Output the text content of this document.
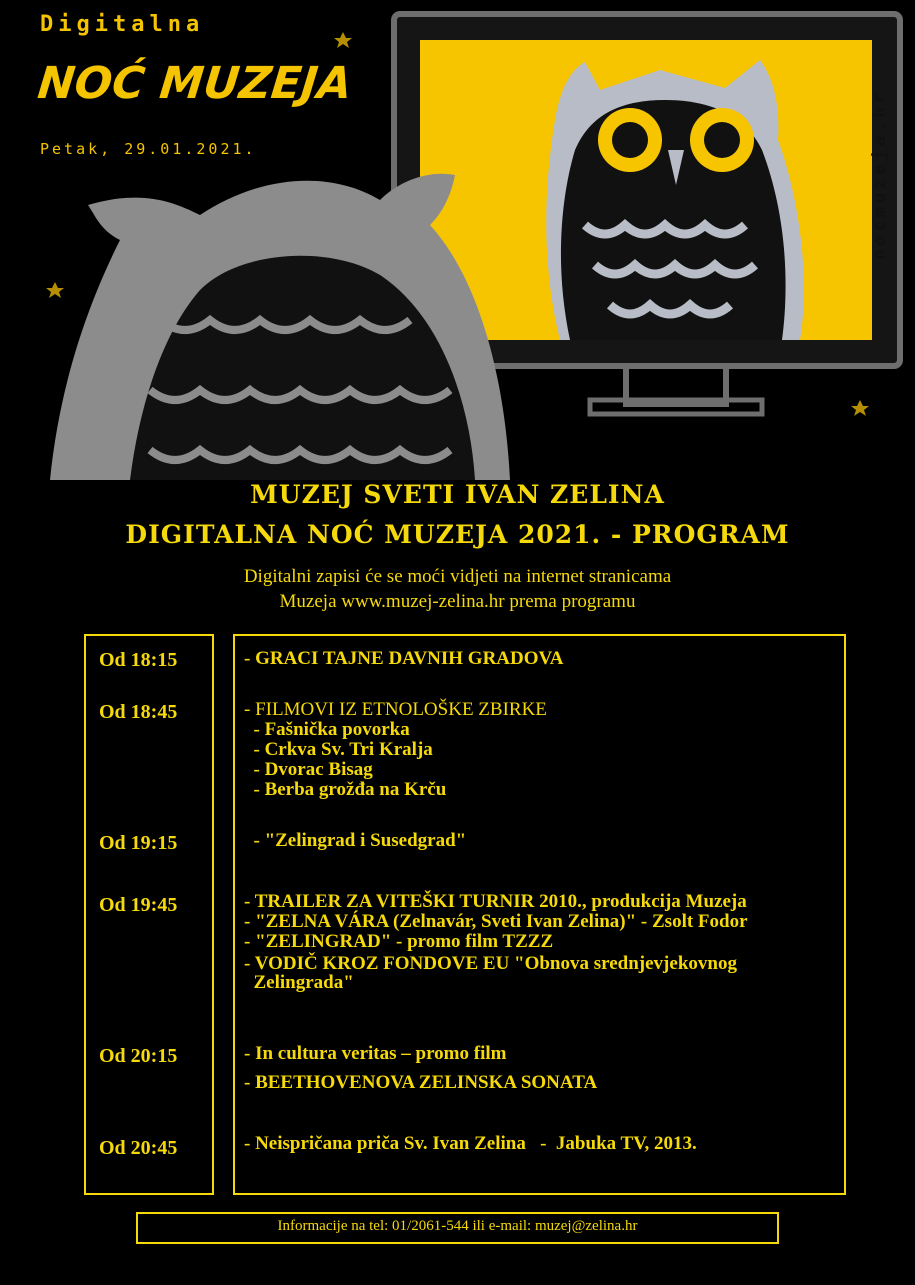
Digitalna
NOĆ MUZEJA
Petak, 29.01.2021.	nocmuzeja.hr
MUZEJ SVETI IVAN ZELINA
DIGITALNA NOĆ MUZEJA 2021. - PROGRAM
Digitalni zapisi će se moći vidjeti na internet stranicama
Muzeja www.muzej-zelina.hr prema programu
Od 18:15	- GRACI TAJNE DAVNIH GRADOVA
Od 18:45	- FILMOVI IZ ETNOLOŠKE ZBIRKE
- Fašnička povorka
- Crkva Sv. Tri Kralja
- Dvorac Bisag
- Berba grožđa na Krču
Od 19:15	- "Zelingrad i Susedgrad"
Od 19:45	- TRAILER ZA VITEŠKI TURNIR 2010., produkcija Muzeja
- "ZELNA VÁRA (Zelnavár, Sveti Ivan Zelina)" - Zsolt Fodor
- "ZELINGRAD" - promo film TZZZ
- VODIČ KROZ FONDOVE EU "Obnova srednjevjekovnog
Zelingrada"
Od 20:15	- In cultura veritas – promo film
- BEETHOVENOVA ZELINSKA SONATA
Od 20:45	- Neispričana priča Sv. Ivan Zelina   -  Jabuka TV, 2013.
Informacije na tel: 01/2061-544 ili e-mail: muzej@zelina.hr
